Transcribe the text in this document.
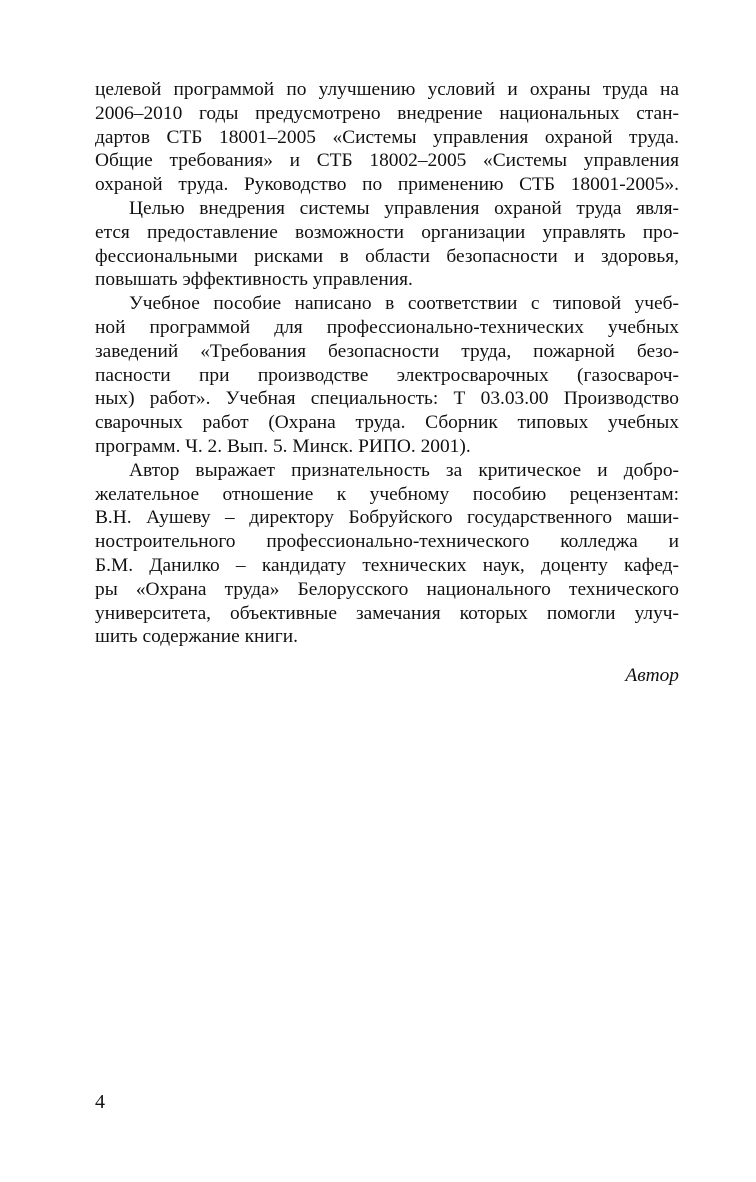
целевой программой по улучшению условий и охраны труда на
2006–2010 годы предусмотрено внедрение национальных стан-
дартов СТБ 18001–2005 «Системы управления охраной труда.
Общие требования» и СТБ 18002–2005 «Системы управления
охраной труда. Руководство по применению СТБ 18001-2005».
Целью внедрения системы управления охраной труда явля-
ется предоставление возможности организации управлять про-
фессиональными рисками в области безопасности и здоровья,
повышать эффективность управления.
Учебное пособие написано в соответствии с типовой учеб-
ной программой для профессионально-технических учебных
заведений «Требования безопасности труда, пожарной безо-
пасности при производстве электросварочных (газосвароч-
ных) работ». Учебная специальность: Т 03.03.00 Производство
сварочных работ (Охрана труда. Сборник типовых учебных
программ. Ч. 2. Вып. 5. Минск. РИПО. 2001).
Автор выражает признательность за критическое и добро-
желательное отношение к учебному пособию рецензентам:
В.Н. Аушеву – директору Бобруйского государственного маши-
ностроительного профессионально-технического колледжа и
Б.М. Данилко – кандидату технических наук, доценту кафед-
ры «Охрана труда» Белорусского национального технического
университета, объективные замечания которых помогли улуч-
шить содержание книги.
Автор
4
